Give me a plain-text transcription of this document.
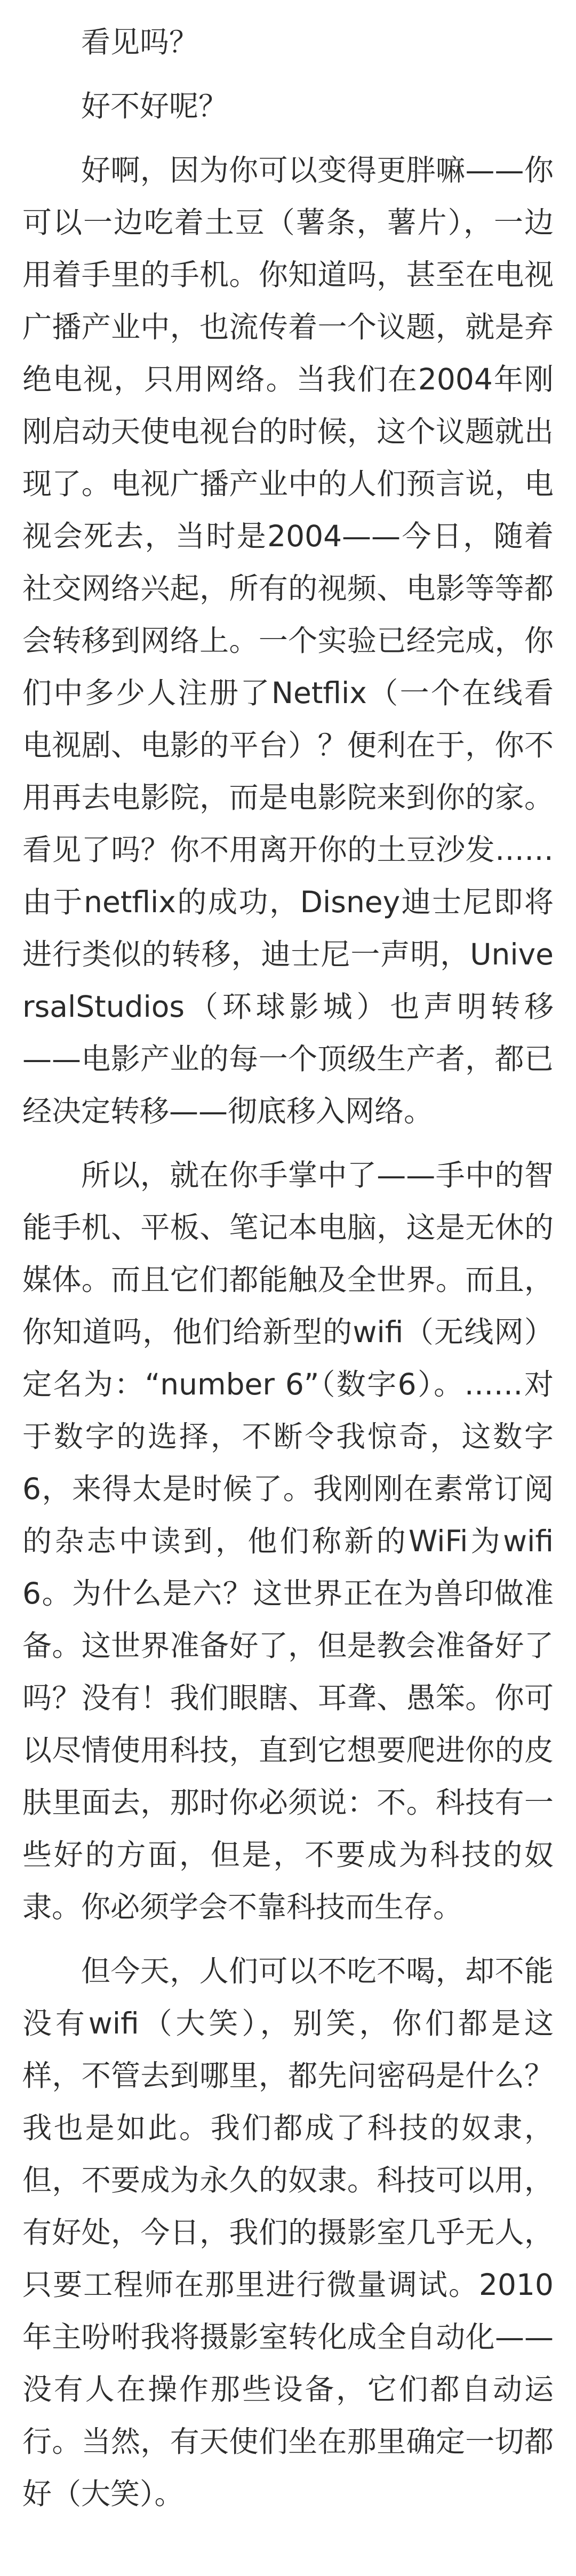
看见吗？

好不好呢？

好啊，因为你可以变得更胖嘛——你可以一边吃着土豆（薯条，薯片），一边用着手里的手机。你知道吗，甚至在电视广播产业中，也流传着一个议题，就是弃绝电视，只用网络。当我们在2004年刚刚启动天使电视台的时候，这个议题就出现了。电视广播产业中的人们预言说，电视会死去，当时是2004——今日，随着社交网络兴起，所有的视频、电影等等都会转移到网络上。一个实验已经完成，你们中多少人注册了Netflix（一个在线看电视剧、电影的平台）？便利在于，你不用再去电影院，而是电影院来到你的家。看见了吗？你不用离开你的土豆沙发……由于netflix的成功，Disney迪士尼即将进行类似的转移，迪士尼一声明，UniversalStudios（环球影城）也声明转移——电影产业的每一个顶级生产者，都已经决定转移——彻底移入网络。

所以，就在你手掌中了——手中的智能手机、平板、笔记本电脑，这是无休的媒体。而且它们都能触及全世界。而且，你知道吗，他们给新型的wifi（无线网）定名为：“number 6”（数字6）。……对于数字的选择，不断令我惊奇，这数字6，来得太是时候了。我刚刚在素常订阅的杂志中读到，他们称新的WiFi为wifi 6。为什么是六？这世界正在为兽印做准备。这世界准备好了，但是教会准备好了吗？没有！我们眼瞎、耳聋、愚笨。你可以尽情使用科技，直到它想要爬进你的皮肤里面去，那时你必须说：不。科技有一些好的方面，但是，不要成为科技的奴隶。你必须学会不靠科技而生存。

但今天，人们可以不吃不喝，却不能没有wifi（大笑），别笑，你们都是这样，不管去到哪里，都先问密码是什么？我也是如此。我们都成了科技的奴隶，但，不要成为永久的奴隶。科技可以用，有好处，今日，我们的摄影室几乎无人，只要工程师在那里进行微量调试。2010年主吩咐我将摄影室转化成全自动化——没有人在操作那些设备，它们都自动运行。当然，有天使们坐在那里确定一切都好（大笑）。
